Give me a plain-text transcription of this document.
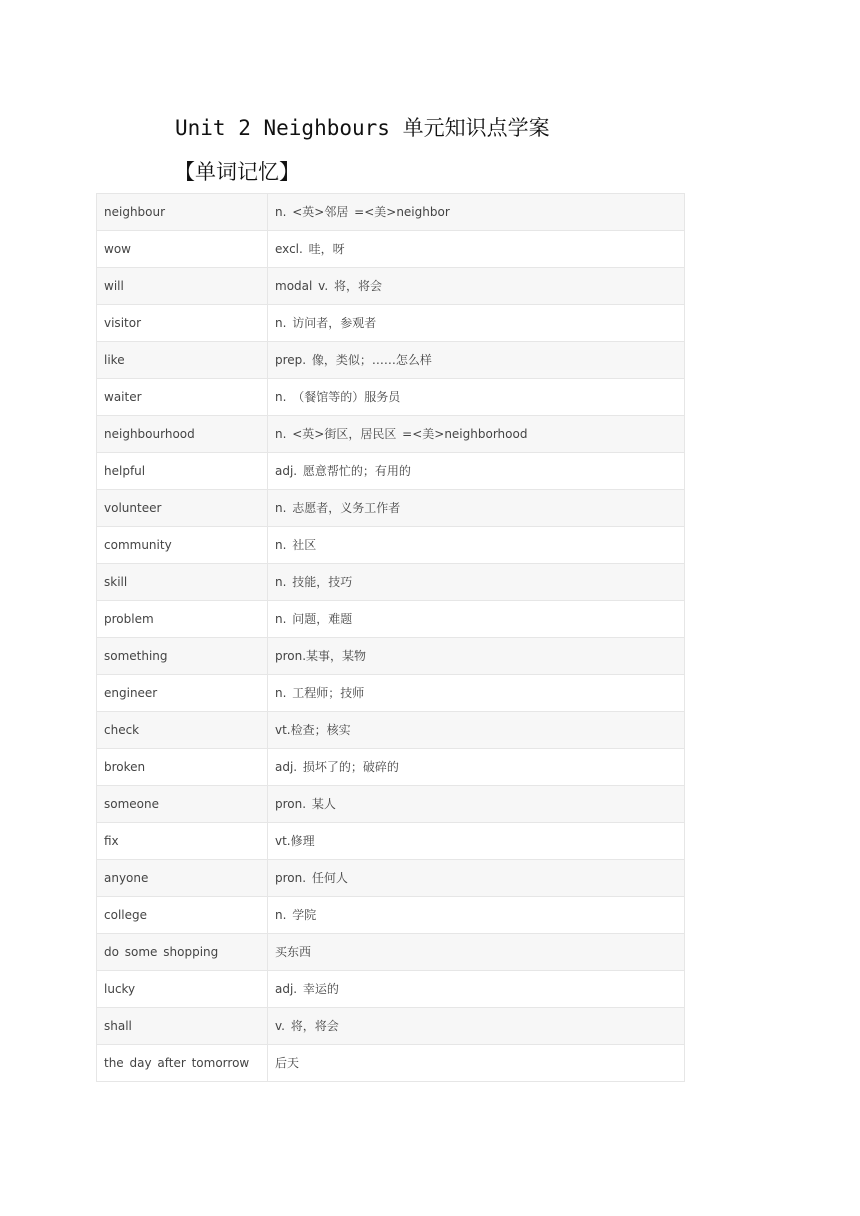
Unit 2 Neighbours 单元知识点学案
【单词记忆】
neighbour	n. <英>邻居 =<美>neighbor
wow	excl. 哇，呀
will	modal v. 将，将会
visitor	n. 访问者，参观者
like	prep. 像，类似；……怎么样
waiter	n. （餐馆等的）服务员
neighbourhood	n. <英>街区，居民区 =<美>neighborhood
helpful	adj. 愿意帮忙的；有用的
volunteer	n. 志愿者，义务工作者
community	n. 社区
skill	n. 技能，技巧
problem	n. 问题，难题
something	pron.某事，某物
engineer	n. 工程师；技师
check	vt.检查；核实
broken	adj. 损坏了的；破碎的
someone	pron. 某人
fix	vt.修理
anyone	pron. 任何人
college	n. 学院
do some shopping	买东西
lucky	adj. 幸运的
shall	v. 将，将会
the day after tomorrow	后天
